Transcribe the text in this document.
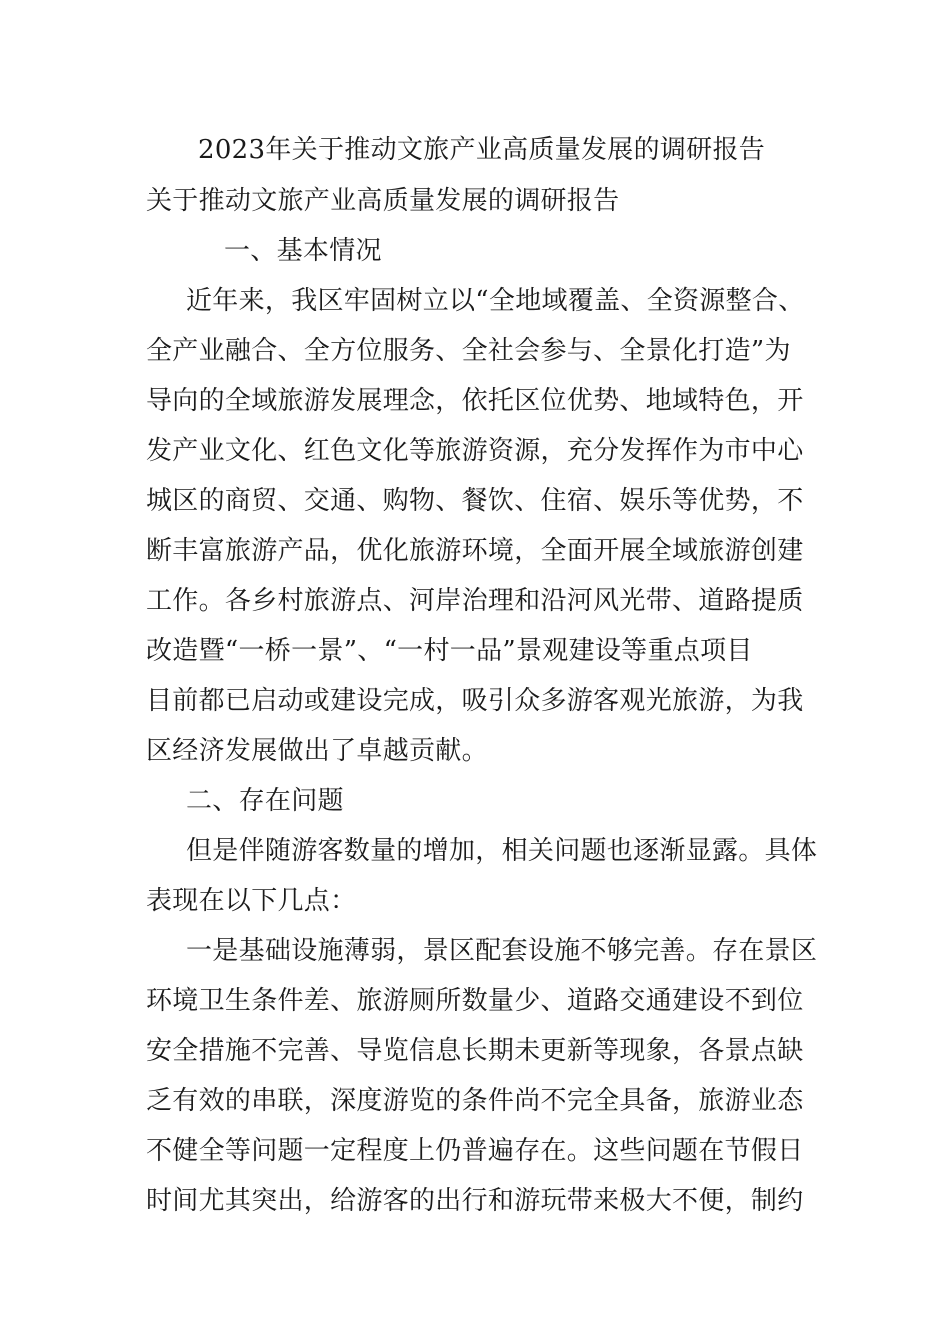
2023年关于推动文旅产业高质量发展的调研报告
关于推动文旅产业高质量发展的调研报告
一、基本情况
近年来，我区牢固树立以“全地域覆盖、全资源整合、
全产业融合、全方位服务、全社会参与、全景化打造”为
导向的全域旅游发展理念，依托区位优势、地域特色，开
发产业文化、红色文化等旅游资源，充分发挥作为市中心
城区的商贸、交通、购物、餐饮、住宿、娱乐等优势，不
断丰富旅游产品，优化旅游环境，全面开展全域旅游创建
工作。各乡村旅游点、河岸治理和沿河风光带、道路提质
改造暨“一桥一景”、“一村一品”景观建设等重点项目
目前都已启动或建设完成，吸引众多游客观光旅游，为我
区经济发展做出了卓越贡献。
二、存在问题
但是伴随游客数量的增加，相关问题也逐渐显露。具体
表现在以下几点：
一是基础设施薄弱，景区配套设施不够完善。存在景区
环境卫生条件差、旅游厕所数量少、道路交通建设不到位
安全措施不完善、导览信息长期未更新等现象，各景点缺
乏有效的串联，深度游览的条件尚不完全具备，旅游业态
不健全等问题一定程度上仍普遍存在。这些问题在节假日
时间尤其突出，给游客的出行和游玩带来极大不便，制约
